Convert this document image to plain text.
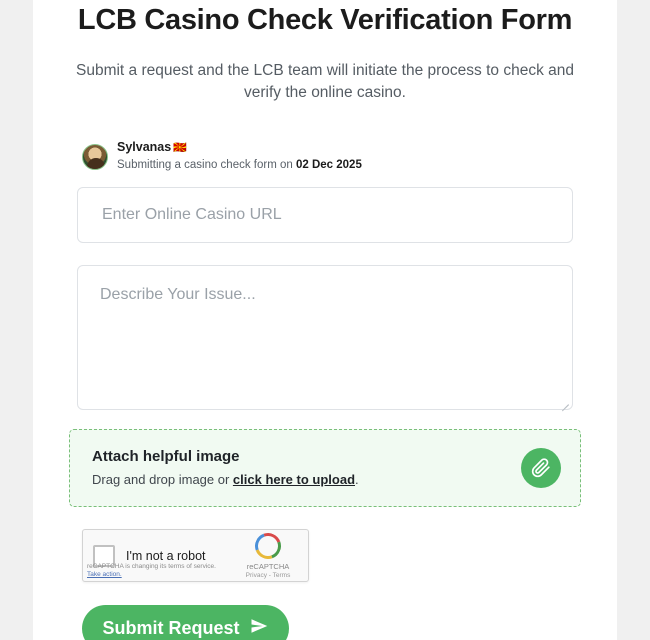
LCB Casino Check Verification Form

Submit a request and the LCB team will initiate the process to check and verify the online casino.

Sylvanas 🇲🇰
Submitting a casino check form on 02 Dec 2025
Enter Online Casino URL
Describe Your Issue...
Attach helpful image
Drag and drop image or click here to upload.
I'm not a robot
reCAPTCHA
Privacy - Terms
reCAPTCHA is changing its terms of service.
Take action.
Submit Request
